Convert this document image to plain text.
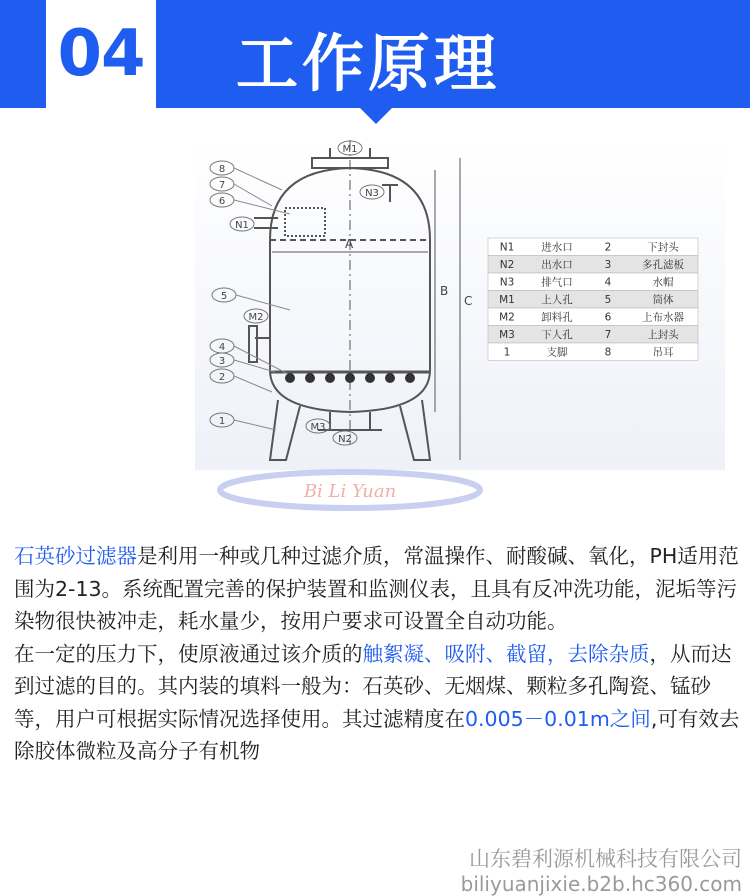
04 工作原理
Bi Li Yuan
A
B
C
M1
N3
N2
M3
8
7
6
N1
5
M2
4
3
2
1
N1	进水口	2	下封头
N2	出水口	3	多孔滤板
N3	排气口	4	水帽
M1	上人孔	5	筒体
M2	卸料孔	6	上布水器
M3	下人孔	7	上封头
1	支脚	8	吊耳

石英砂过滤器是利用一种或几种过滤介质，常温操作、耐酸碱、氧化，PH适用范围为2-13。系统配置完善的保护装置和监测仪表，且具有反冲洗功能，泥垢等污染物很快被冲走，耗水量少，按用户要求可设置全自动功能。

在一定的压力下，使原液通过该介质的触絮凝、吸附、截留，去除杂质，从而达到过滤的目的。其内装的填料一般为：石英砂、无烟煤、颗粒多孔陶瓷、锰砂等，用户可根据实际情况选择使用。其过滤精度在0.005－0.01m之间,可有效去除胶体微粒及高分子有机物

山东碧利源机械科技有限公司
biliyuanjixie.b2b.hc360.com
